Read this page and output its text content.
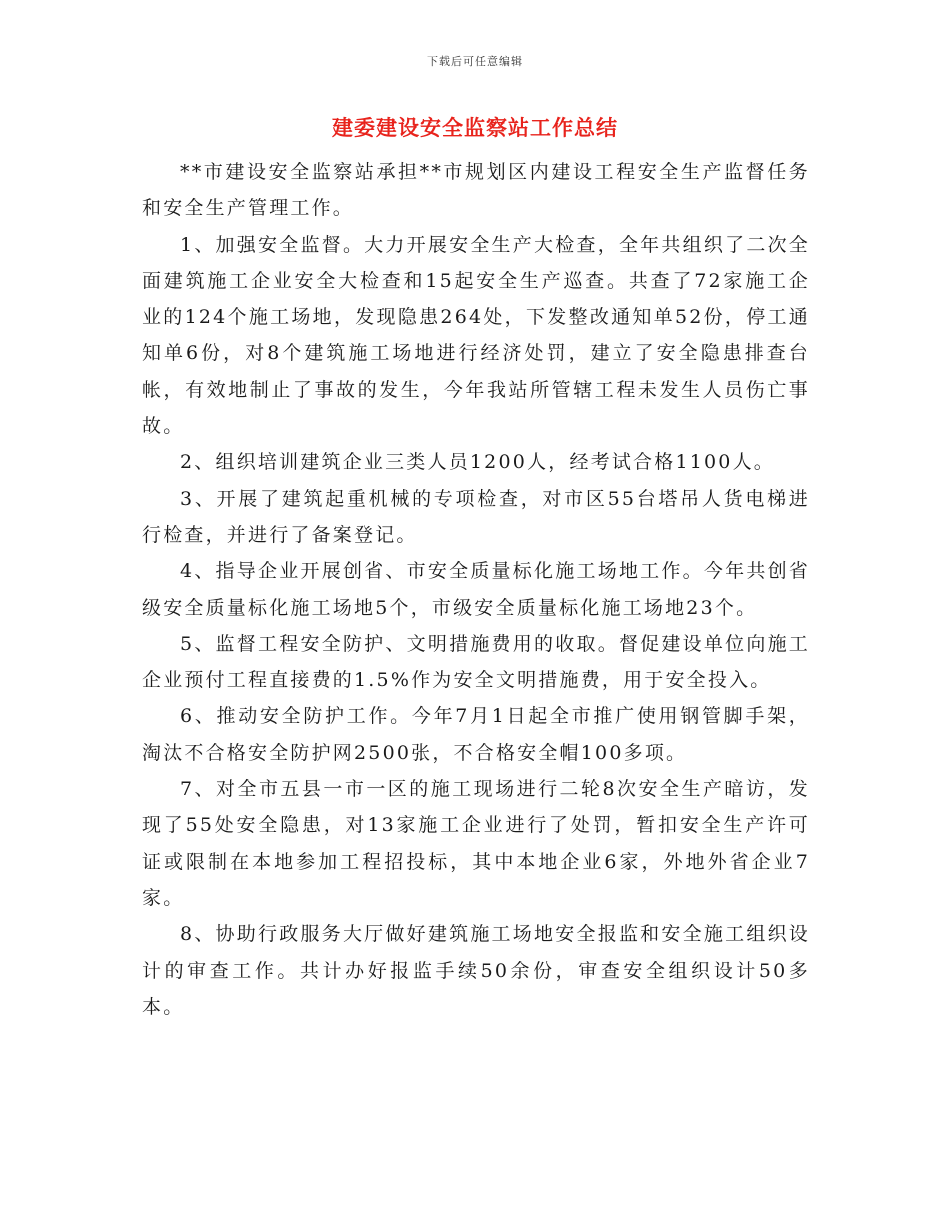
下载后可任意编辑
建委建设安全监察站工作总结

**市建设安全监察站承担**市规划区内建设工程安全生产监督任务和安全生产管理工作。

1、加强安全监督。大力开展安全生产大检查，全年共组织了二次全面建筑施工企业安全大检查和15起安全生产巡查。共查了72家施工企业的124个施工场地，发现隐患264处，下发整改通知单52份，停工通知单6份，对8个建筑施工场地进行经济处罚，建立了安全隐患排查台帐，有效地制止了事故的发生，今年我站所管辖工程未发生人员伤亡事故。

2、组织培训建筑企业三类人员1200人，经考试合格1100人。

3、开展了建筑起重机械的专项检查，对市区55台塔吊人货电梯进行检查，并进行了备案登记。

4、指导企业开展创省、市安全质量标化施工场地工作。今年共创省级安全质量标化施工场地5个，市级安全质量标化施工场地23个。

5、监督工程安全防护、文明措施费用的收取。督促建设单位向施工企业预付工程直接费的1.5%作为安全文明措施费，用于安全投入。

6、推动安全防护工作。今年7月1日起全市推广使用钢管脚手架，淘汰不合格安全防护网2500张，不合格安全帽100多项。

7、对全市五县一市一区的施工现场进行二轮8次安全生产暗访，发现了55处安全隐患，对13家施工企业进行了处罚，暂扣安全生产许可证或限制在本地参加工程招投标，其中本地企业6家，外地外省企业7家。

8、协助行政服务大厅做好建筑施工场地安全报监和安全施工组织设计的审查工作。共计办好报监手续50余份，审查安全组织设计50多本。
